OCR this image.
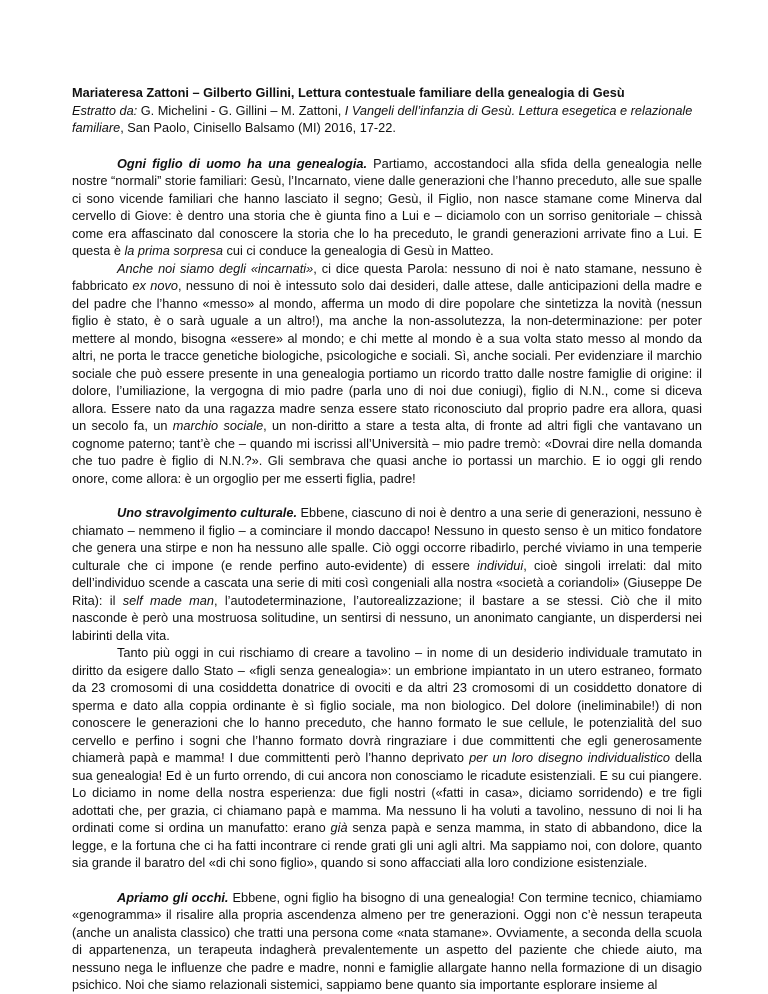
Mariateresa Zattoni – Gilberto Gillini, Lettura contestuale familiare della genealogia di Gesù
Estratto da: G. Michelini - G. Gillini – M. Zattoni, I Vangeli dell’infanzia di Gesù. Lettura esegetica e relazionale familiare, San Paolo, Cinisello Balsamo (MI) 2016, 17-22.

Ogni figlio di uomo ha una genealogia. Partiamo, accostandoci alla sfida della genealogia nelle nostre “normali” storie familiari: Gesù, l’Incarnato, viene dalle generazioni che l’hanno preceduto, alle sue spalle ci sono vicende familiari che hanno lasciato il segno; Gesù, il Figlio, non nasce stamane come Minerva dal cervello di Giove: è dentro una storia che è giunta fino a Lui e – diciamolo con un sorriso genitoriale – chissà come era affascinato dal conoscere la storia che lo ha preceduto, le grandi generazioni arrivate fino a Lui. E questa è la prima sorpresa cui ci conduce la genealogia di Gesù in Matteo.

Anche noi siamo degli «incarnati», ci dice questa Parola: nessuno di noi è nato stamane, nessuno è fabbricato ex novo, nessuno di noi è intessuto solo dai desideri, dalle attese, dalle anticipazioni della madre e del padre che l’hanno «messo» al mondo, afferma un modo di dire popolare che sintetizza la novità (nessun figlio è stato, è o sarà uguale a un altro!), ma anche la non-assolutezza, la non-determinazione: per poter mettere al mondo, bisogna «essere» al mondo; e chi mette al mondo è a sua volta stato messo al mondo da altri, ne porta le tracce genetiche biologiche, psicologiche e sociali. Sì, anche sociali. Per evidenziare il marchio sociale che può essere presente in una genealogia portiamo un ricordo tratto dalle nostre famiglie di origine: il dolore, l’umiliazione, la vergogna di mio padre (parla uno di noi due coniugi), figlio di N.N., come si diceva allora. Essere nato da una ragazza madre senza essere stato riconosciuto dal proprio padre era allora, quasi un secolo fa, un marchio sociale, un non-diritto a stare a testa alta, di fronte ad altri figli che vantavano un cognome paterno; tant’è che – quando mi iscrissi all’Università – mio padre tremò: «Dovrai dire nella domanda che tuo padre è figlio di N.N.?». Gli sembrava che quasi anche io portassi un marchio. E io oggi gli rendo onore, come allora: è un orgoglio per me esserti figlia, padre!

Uno stravolgimento culturale. Ebbene, ciascuno di noi è dentro a una serie di generazioni, nessuno è chiamato – nemmeno il figlio – a cominciare il mondo daccapo! Nessuno in questo senso è un mitico fondatore che genera una stirpe e non ha nessuno alle spalle. Ciò oggi occorre ribadirlo, perché viviamo in una temperie culturale che ci impone (e rende perfino auto-evidente) di essere individui, cioè singoli irrelati: dal mito dell’individuo scende a cascata una serie di miti così congeniali alla nostra «società a coriandoli» (Giuseppe De Rita): il self made man, l’autodeterminazione, l’autorealizzazione; il bastare a se stessi. Ciò che il mito nasconde è però una mostruosa solitudine, un sentirsi di nessuno, un anonimato cangiante, un disperdersi nei labirinti della vita.

Tanto più oggi in cui rischiamo di creare a tavolino – in nome di un desiderio individuale tramutato in diritto da esigere dallo Stato – «figli senza genealogia»: un embrione impiantato in un utero estraneo, formato da 23 cromosomi di una cosiddetta donatrice di ovociti e da altri 23 cromosomi di un cosiddetto donatore di sperma e dato alla coppia ordinante è sì figlio sociale, ma non biologico. Del dolore (ineliminabile!) di non conoscere le generazioni che lo hanno preceduto, che hanno formato le sue cellule, le potenzialità del suo cervello e perfino i sogni che l’hanno formato dovrà ringraziare i due committenti che egli generosamente chiamerà papà e mamma! I due committenti però l’hanno deprivato per un loro disegno individualistico della sua genealogia! Ed è un furto orrendo, di cui ancora non conosciamo le ricadute esistenziali. E su cui piangere. Lo diciamo in nome della nostra esperienza: due figli nostri («fatti in casa», diciamo sorridendo) e tre figli adottati che, per grazia, ci chiamano papà e mamma. Ma nessuno li ha voluti a tavolino, nessuno di noi li ha ordinati come si ordina un manufatto: erano già senza papà e senza mamma, in stato di abbandono, dice la legge, e la fortuna che ci ha fatti incontrare ci rende grati gli uni agli altri. Ma sappiamo noi, con dolore, quanto sia grande il baratro del «di chi sono figlio», quando si sono affacciati alla loro condizione esistenziale.

Apriamo gli occhi. Ebbene, ogni figlio ha bisogno di una genealogia! Con termine tecnico, chiamiamo «genogramma» il risalire alla propria ascendenza almeno per tre generazioni. Oggi non c’è nessun terapeuta (anche un analista classico) che tratti una persona come «nata stamane». Ovviamente, a seconda della scuola di appartenenza, un terapeuta indagherà prevalentemente un aspetto del paziente che chiede aiuto, ma nessuno nega le influenze che padre e madre, nonni e famiglie allargate hanno nella formazione di un disagio psichico. Noi che siamo relazionali sistemici, sappiamo bene quanto sia importante esplorare insieme al
